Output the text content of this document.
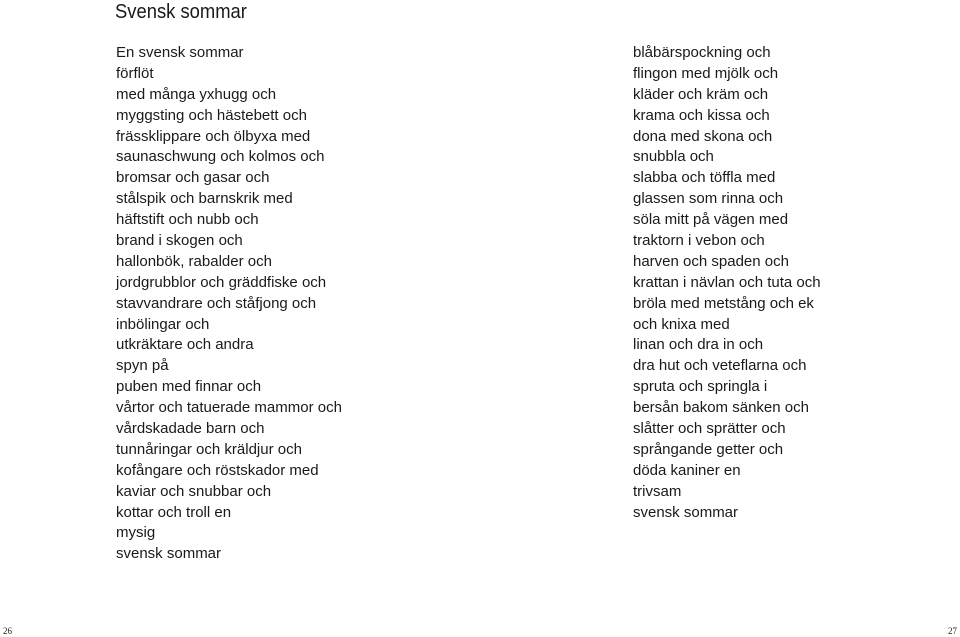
Svensk sommar
En svensk sommar
förflöt
med många yxhugg och
myggsting och hästebett och
frässklippare och ölbyxa med
saunaschwung och kolmos och
bromsar och gasar och
stålspik och barnskrik med
häftstift och nubb och
brand i skogen och
hallonbök, rabalder och
jordgrubblor och gräddfiske och
stavvandrare och ståfjong och
inbölingar och
utkräktare och andra
spyn på
puben med finnar och
vårtor och tatuerade mammor och
vårdskadade barn och
tunnåringar och kräldjur och
kofångare och röstskador med
kaviar och snubbar och
kottar och troll en
mysig
svensk sommar
blåbärspockning och
flingon med mjölk och
kläder och kräm och
krama och kissa och
dona med skona och
snubbla och
slabba och töffla med
glassen som rinna och
söla mitt på vägen med
traktorn i vebon och
harven och spaden och
krattan i nävlan och tuta och
bröla med metstång och ek
och knixa med
linan och dra in och
dra hut och veteflarna och
spruta och springla i
bersån bakom sänken och
slåtter och sprätter och
språngande getter och
döda kaniner en
trivsam
svensk sommar
26	27
